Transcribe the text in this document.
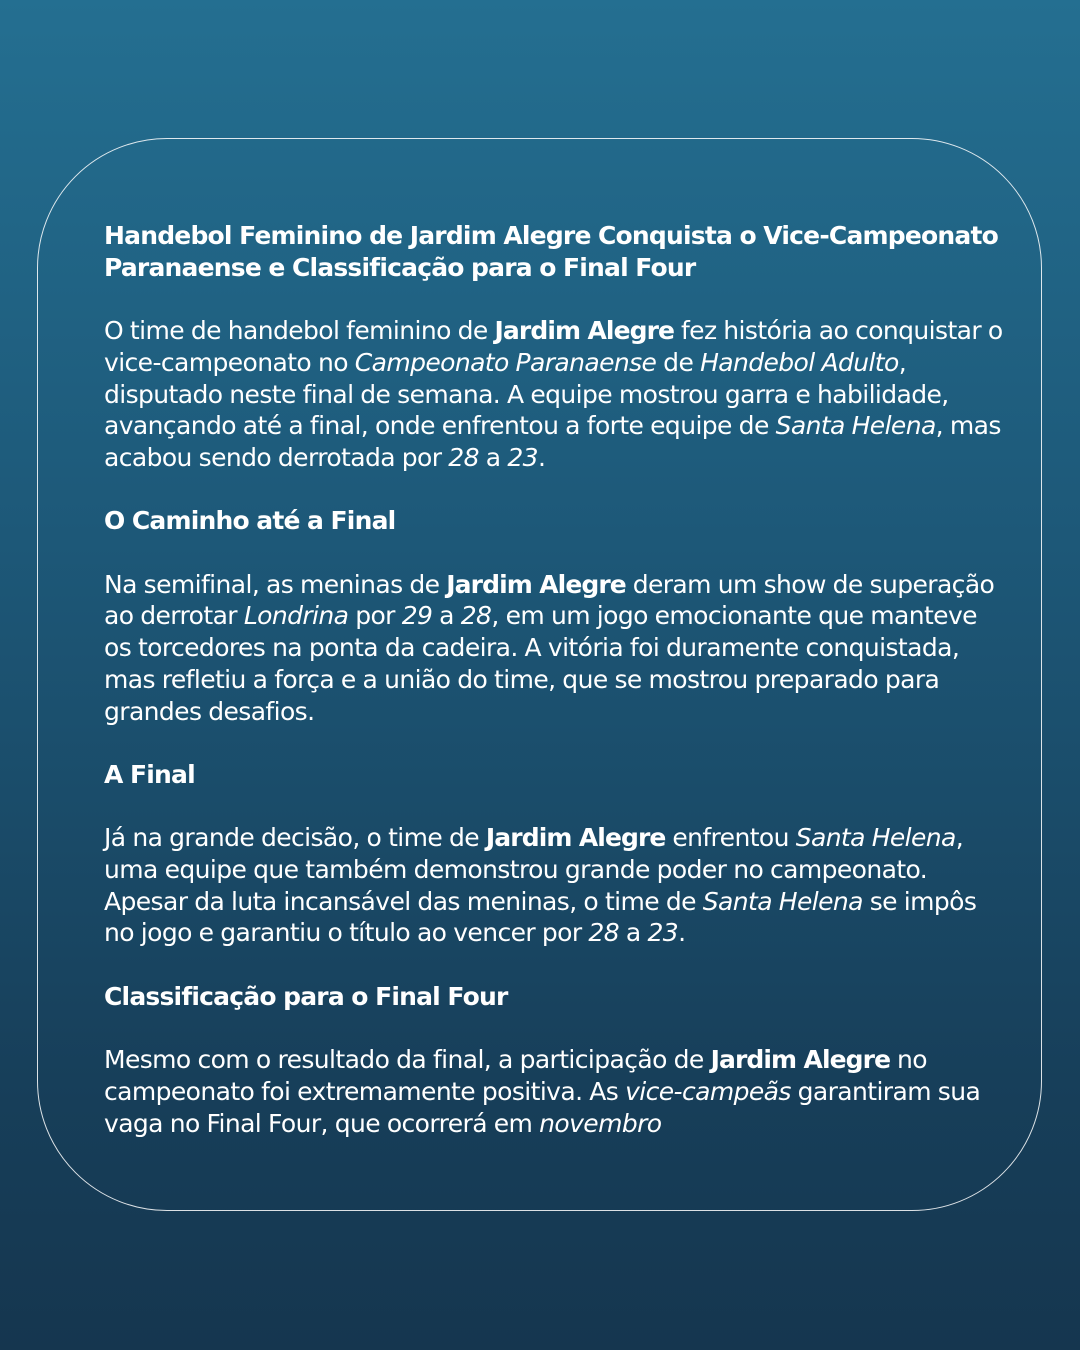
Handebol Feminino de Jardim Alegre Conquista o Vice-Campeonato Paranaense e Classificação para o Final Four

O time de handebol feminino de Jardim Alegre fez história ao conquistar o vice-campeonato no Campeonato Paranaense de Handebol Adulto, disputado neste final de semana. A equipe mostrou garra e habilidade, avançando até a final, onde enfrentou a forte equipe de Santa Helena, mas acabou sendo derrotada por 28 a 23.

O Caminho até a Final

Na semifinal, as meninas de Jardim Alegre deram um show de superação ao derrotar Londrina por 29 a 28, em um jogo emocionante que manteve os torcedores na ponta da cadeira. A vitória foi duramente conquistada, mas refletiu a força e a união do time, que se mostrou preparado para grandes desafios.

A Final

Já na grande decisão, o time de Jardim Alegre enfrentou Santa Helena, uma equipe que também demonstrou grande poder no campeonato. Apesar da luta incansável das meninas, o time de Santa Helena se impôs no jogo e garantiu o título ao vencer por 28 a 23.

Classificação para o Final Four

Mesmo com o resultado da final, a participação de Jardim Alegre no campeonato foi extremamente positiva. As vice-campeãs garantiram sua vaga no Final Four, que ocorrerá em novembro
